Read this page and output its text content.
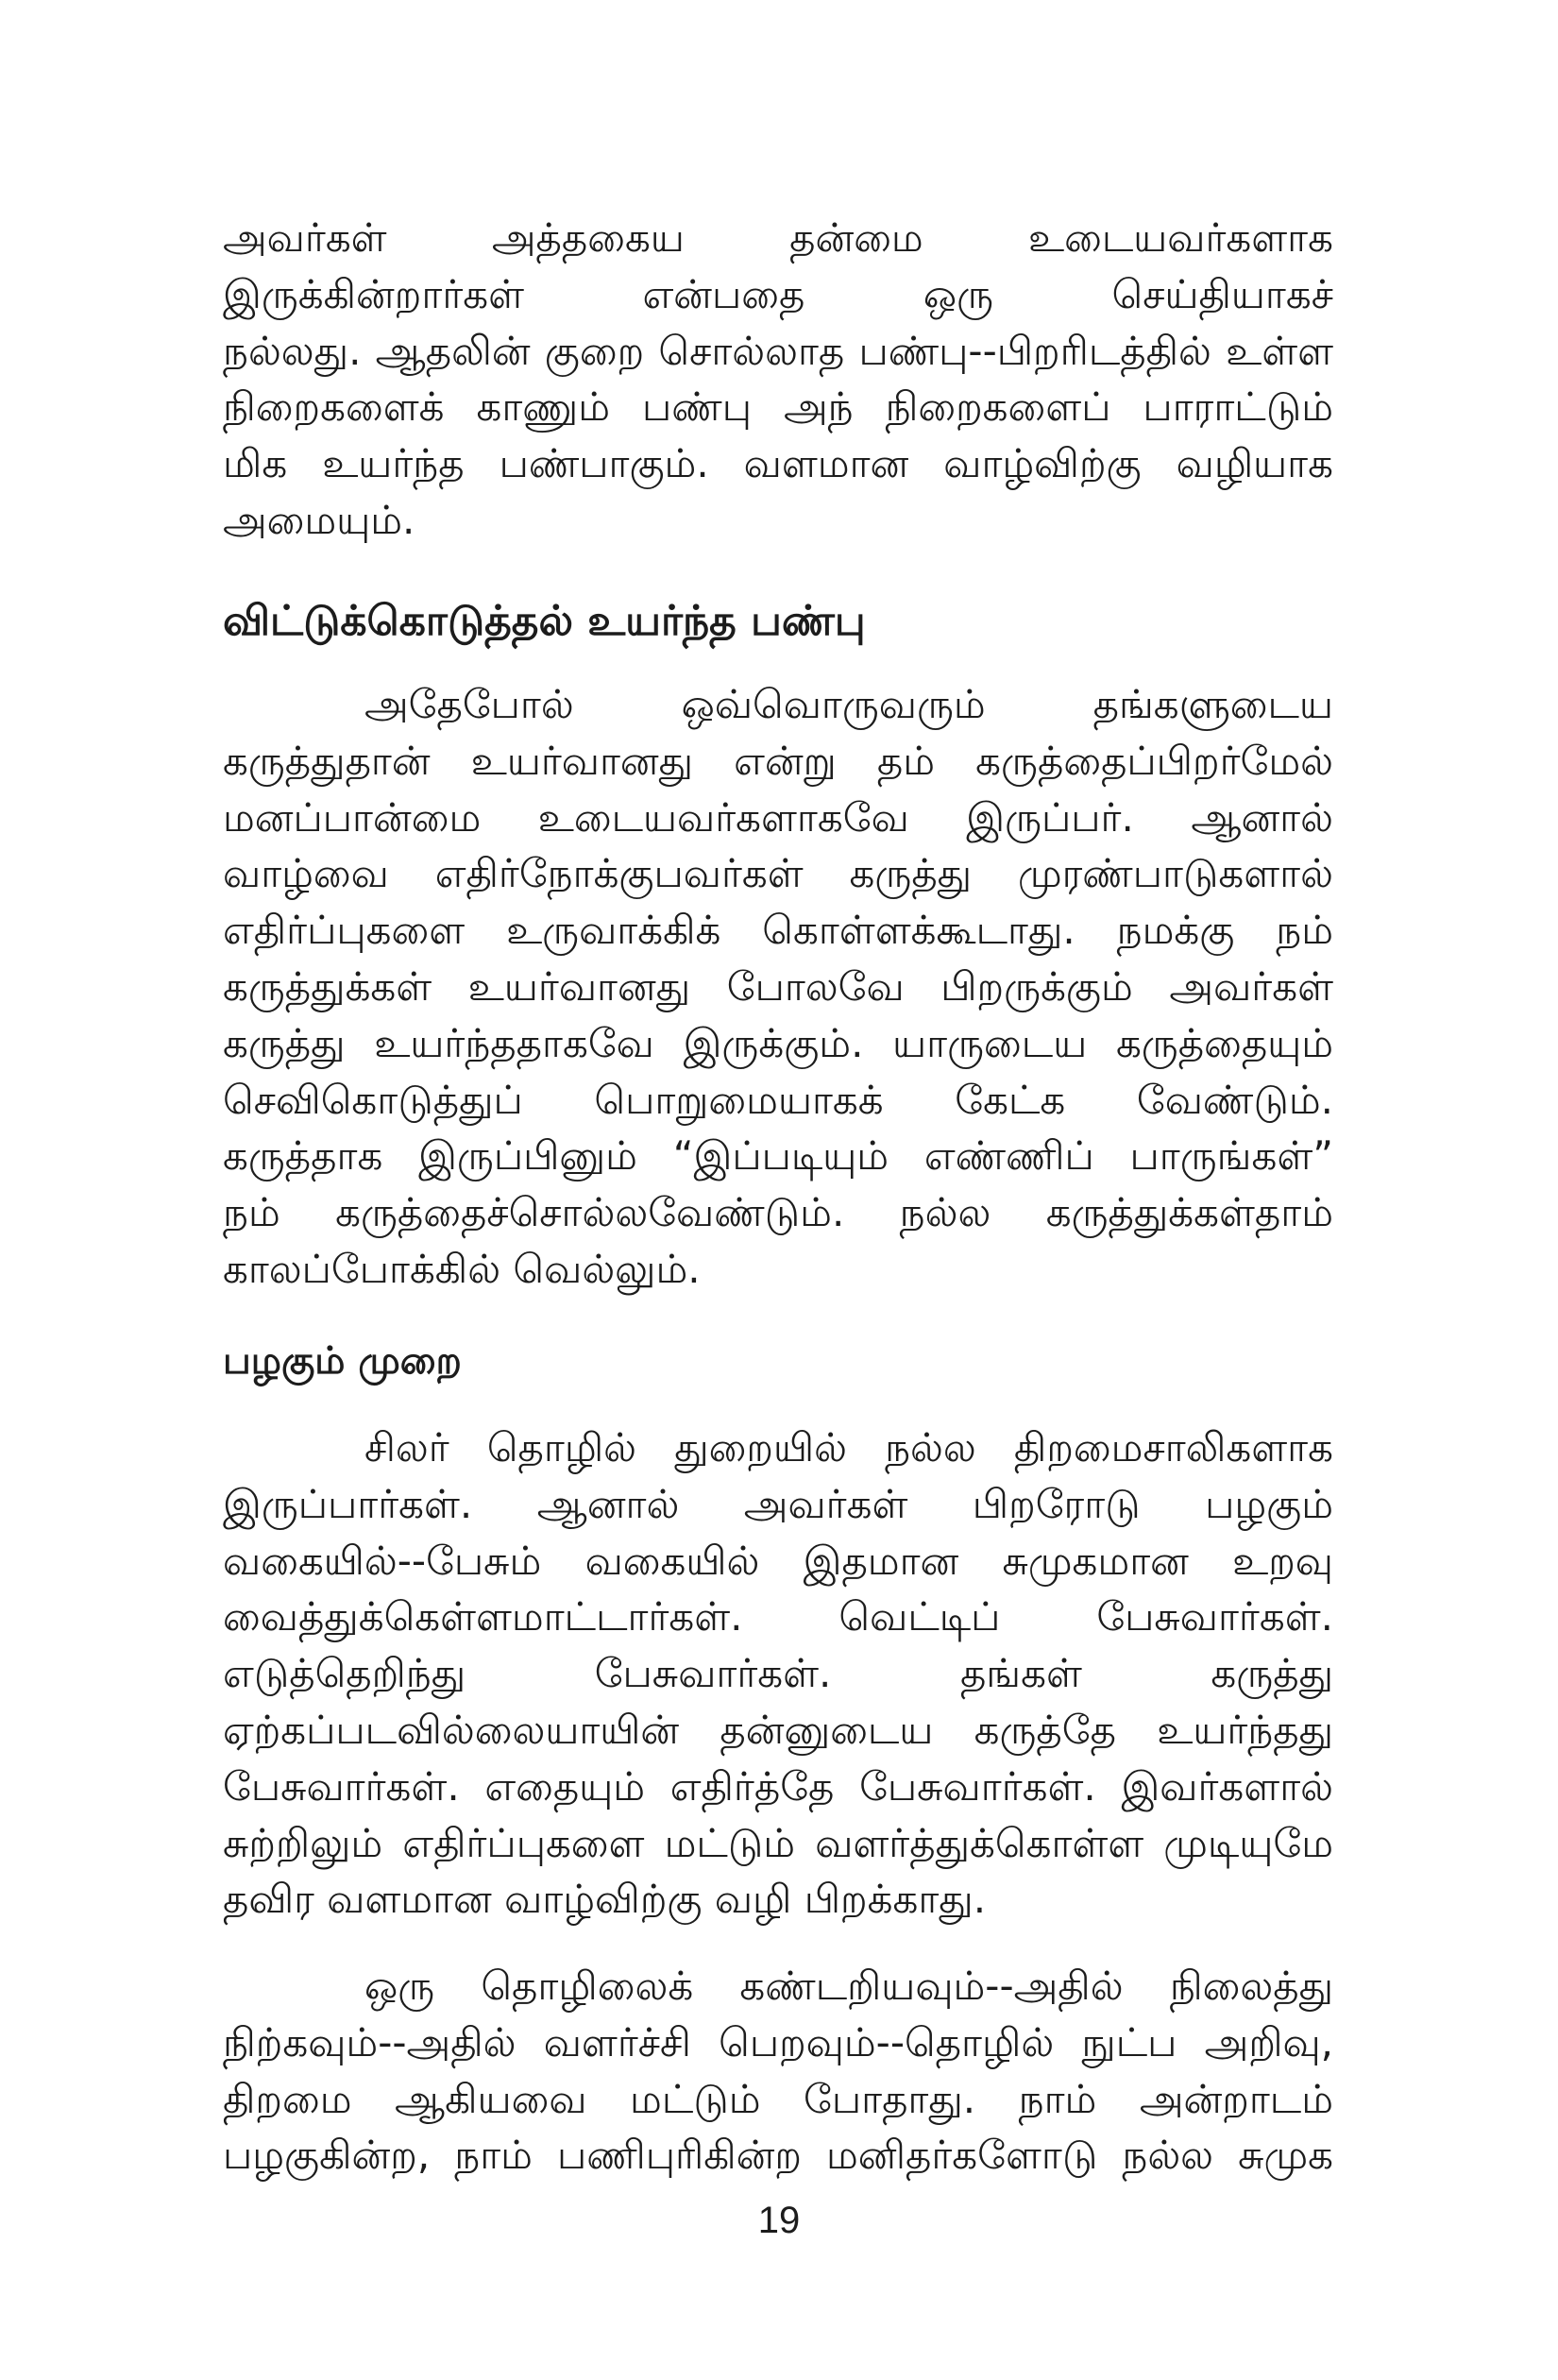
அவர்கள் அத்தகைய தன்மை உடையவர்களாக
இருக்கின்றார்கள் என்பதை ஒரு செய்தியாகச்
நல்லது. ஆதலின் குறை சொல்லாத பண்பு--பிறரிடத்தில் உள்ள
நிறைகளைக் காணும் பண்பு அந் நிறைகளைப் பாராட்டும்
மிக உயர்ந்த பண்பாகும். வளமான வாழ்விற்கு வழியாக
அமையும்.
விட்டுக்கொடுத்தல் உயர்ந்த பண்பு
அதேபோல் ஒவ்வொருவரும் தங்களுடைய
கருத்துதான் உயர்வானது என்று தம் கருத்தைப்பிறர்மேல்
மனப்பான்மை உடையவர்களாகவே இருப்பர். ஆனால்
வாழ்வை எதிர்நோக்குபவர்கள் கருத்து முரண்பாடுகளால்
எதிர்ப்புகளை உருவாக்கிக் கொள்ளக்கூடாது. நமக்கு நம்
கருத்துக்கள் உயர்வானது போலவே பிறருக்கும் அவர்கள்
கருத்து உயர்ந்ததாகவே இருக்கும். யாருடைய கருத்தையும்
செவிகொடுத்துப் பொறுமையாகக் கேட்க வேண்டும்.
கருத்தாக இருப்பினும் “இப்படியும் எண்ணிப் பாருங்கள்”
நம் கருத்தைச்சொல்லவேண்டும். நல்ல கருத்துக்கள்தாம்
காலப்போக்கில் வெல்லும்.
பழகும் முறை
சிலர் தொழில் துறையில் நல்ல திறமைசாலிகளாக
இருப்பார்கள். ஆனால் அவர்கள் பிறரோடு பழகும்
வகையில்--பேசும் வகையில் இதமான சுமுகமான உறவு
வைத்துக்கெள்ளமாட்டார்கள். வெட்டிப் பேசுவார்கள்.
எடுத்தெறிந்து பேசுவார்கள். தங்கள் கருத்து
ஏற்கப்படவில்லையாயின் தன்னுடைய கருத்தே உயர்ந்தது
பேசுவார்கள். எதையும் எதிர்த்தே பேசுவார்கள். இவர்களால்
சுற்றிலும் எதிர்ப்புகளை மட்டும் வளர்த்துக்கொள்ள முடியுமே
தவிர வளமான வாழ்விற்கு வழி பிறக்காது.
ஒரு தொழிலைக் கண்டறியவும்--அதில் நிலைத்து
நிற்கவும்--அதில் வளர்ச்சி பெறவும்--தொழில் நுட்ப அறிவு,
திறமை ஆகியவை மட்டும் போதாது. நாம் அன்றாடம்
பழகுகின்ற, நாம் பணிபுரிகின்ற மனிதர்களோடு நல்ல சுமுக
19
